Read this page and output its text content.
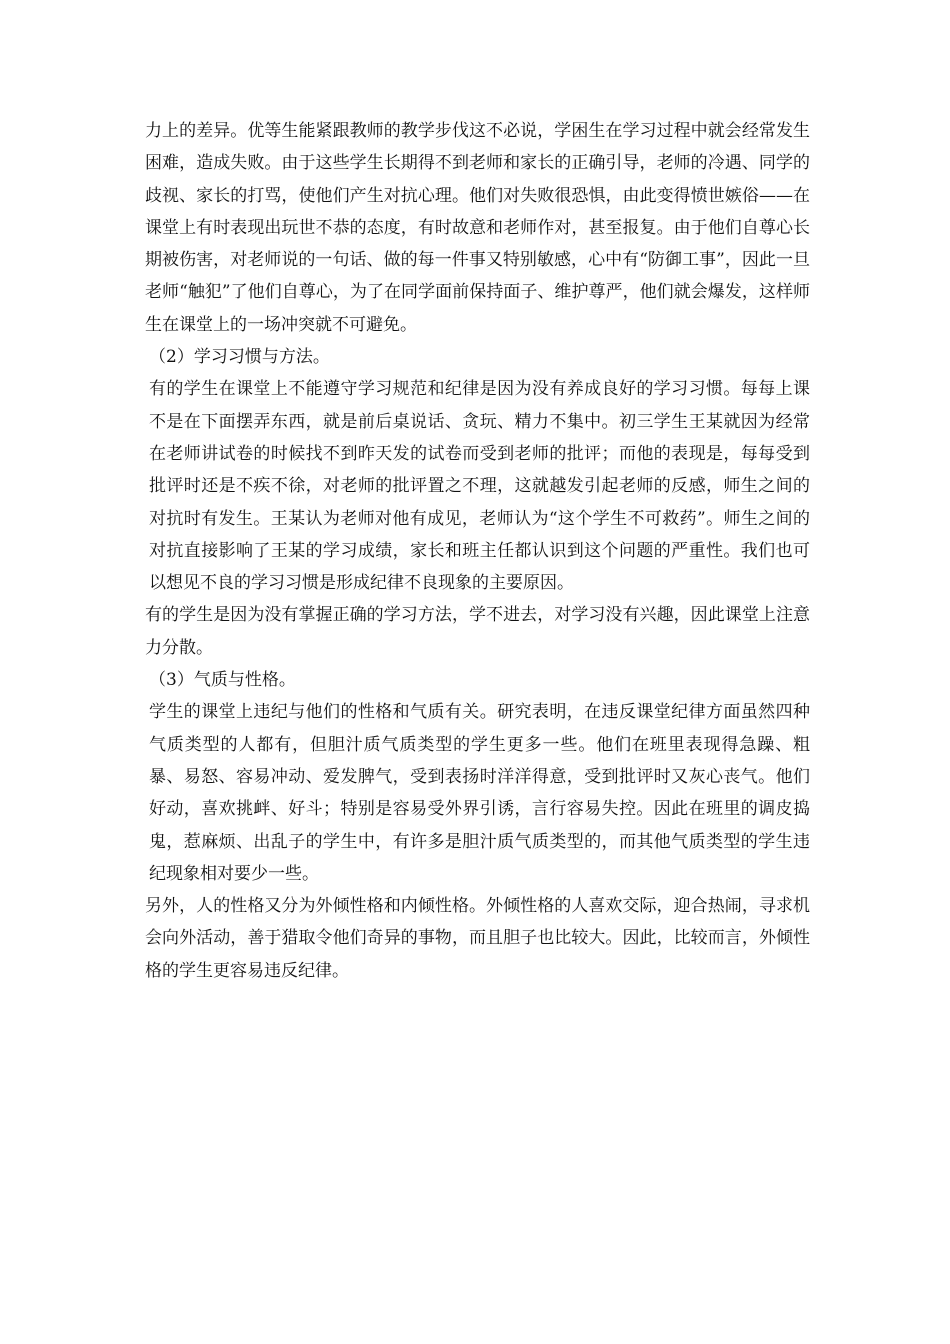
力上的差异。优等生能紧跟教师的教学步伐这不必说，学困生在学习过程中就会经常发生困难，造成失败。由于这些学生长期得不到老师和家长的正确引导，老师的冷遇、同学的歧视、家长的打骂，使他们产生对抗心理。他们对失败很恐惧，由此变得愤世嫉俗——在课堂上有时表现出玩世不恭的态度，有时故意和老师作对，甚至报复。由于他们自尊心长期被伤害，对老师说的一句话、做的每一件事又特别敏感，心中有“防御工事”，因此一旦老师“触犯”了他们自尊心，为了在同学面前保持面子、维护尊严，他们就会爆发，这样师生在课堂上的一场冲突就不可避免。

（2）学习习惯与方法。

有的学生在课堂上不能遵守学习规范和纪律是因为没有养成良好的学习习惯。每每上课不是在下面摆弄东西，就是前后桌说话、贪玩、精力不集中。初三学生王某就因为经常在老师讲试卷的时候找不到昨天发的试卷而受到老师的批评；而他的表现是，每每受到批评时还是不疾不徐，对老师的批评置之不理，这就越发引起老师的反感，师生之间的对抗时有发生。王某认为老师对他有成见，老师认为“这个学生不可救药”。师生之间的对抗直接影响了王某的学习成绩，家长和班主任都认识到这个问题的严重性。我们也可以想见不良的学习习惯是形成纪律不良现象的主要原因。

有的学生是因为没有掌握正确的学习方法，学不进去，对学习没有兴趣，因此课堂上注意力分散。

（3）气质与性格。

学生的课堂上违纪与他们的性格和气质有关。研究表明，在违反课堂纪律方面虽然四种气质类型的人都有，但胆汁质气质类型的学生更多一些。他们在班里表现得急躁、粗暴、易怒、容易冲动、爱发脾气，受到表扬时洋洋得意，受到批评时又灰心丧气。他们好动，喜欢挑衅、好斗；特别是容易受外界引诱，言行容易失控。因此在班里的调皮捣鬼，惹麻烦、出乱子的学生中，有许多是胆汁质气质类型的，而其他气质类型的学生违纪现象相对要少一些。

另外，人的性格又分为外倾性格和内倾性格。外倾性格的人喜欢交际，迎合热闹，寻求机会向外活动，善于猎取令他们奇异的事物，而且胆子也比较大。因此，比较而言，外倾性格的学生更容易违反纪律。
